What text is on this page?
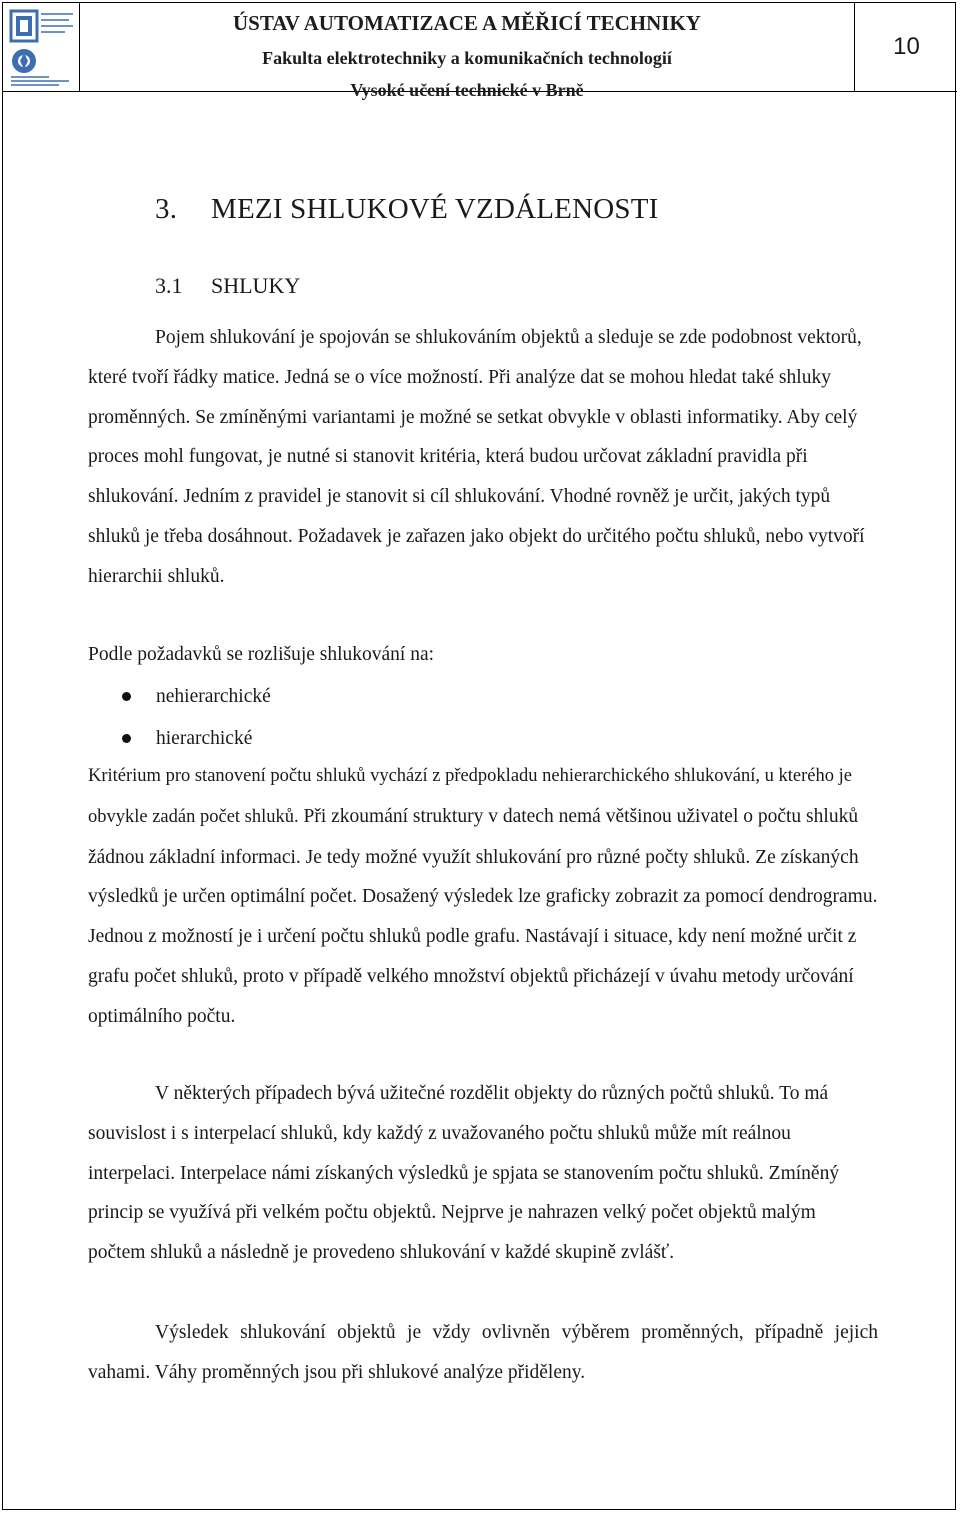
ÚSTAV AUTOMATIZACE A MĚŘICÍ TECHNIKY
Fakulta elektrotechniky a komunikačních technologií
Vysoké učení technické v Brně
10
3. MEZI SHLUKOVÉ VZDÁLENOSTI
3.1 SHLUKY
Pojem shlukování je spojován se shlukováním objektů a sleduje se zde podobnost vektorů, které tvoří řádky matice. Jedná se o více možností. Při analýze dat se mohou hledat také shluky proměnných. Se zmíněnými variantami je možné se setkat obvykle v oblasti informatiky. Aby celý proces mohl fungovat, je nutné si stanovit kritéria, která budou určovat základní pravidla při shlukování. Jedním z pravidel je stanovit si cíl shlukování. Vhodné rovněž je určit, jakých typů shluků je třeba dosáhnout. Požadavek je zařazen jako objekt do určitého počtu shluků, nebo vytvoří hierarchii shluků.
Podle požadavků se rozlišuje shlukování na:
nehierarchické
hierarchické
Kritérium pro stanovení počtu shluků vychází z předpokladu nehierarchického shlukování, u kterého je obvykle zadán počet shluků. Při zkoumání struktury v datech nemá většinou uživatel o počtu shluků žádnou základní informaci. Je tedy možné využít shlukování pro různé počty shluků. Ze získaných výsledků je určen optimální počet. Dosažený výsledek lze graficky zobrazit za pomocí dendrogramu. Jednou z možností je i určení počtu shluků podle grafu. Nastávají i situace, kdy není možné určit z grafu počet shluků, proto v případě velkého množství objektů přicházejí v úvahu metody určování optimálního počtu.
V některých případech bývá užitečné rozdělit objekty do různých počtů shluků. To má souvislost i s interpelací shluků, kdy každý z uvažovaného počtu shluků může mít reálnou interpelaci. Interpelace námi získaných výsledků je spjata se stanovením počtu shluků. Zmíněný princip se využívá při velkém počtu objektů. Nejprve je nahrazen velký počet objektů malým počtem shluků a následně je provedeno shlukování v každé skupině zvlášť.
Výsledek shlukování objektů je vždy ovlivněn výběrem proměnných, případně jejich vahami. Váhy proměnných jsou při shlukové analýze přiděleny.
